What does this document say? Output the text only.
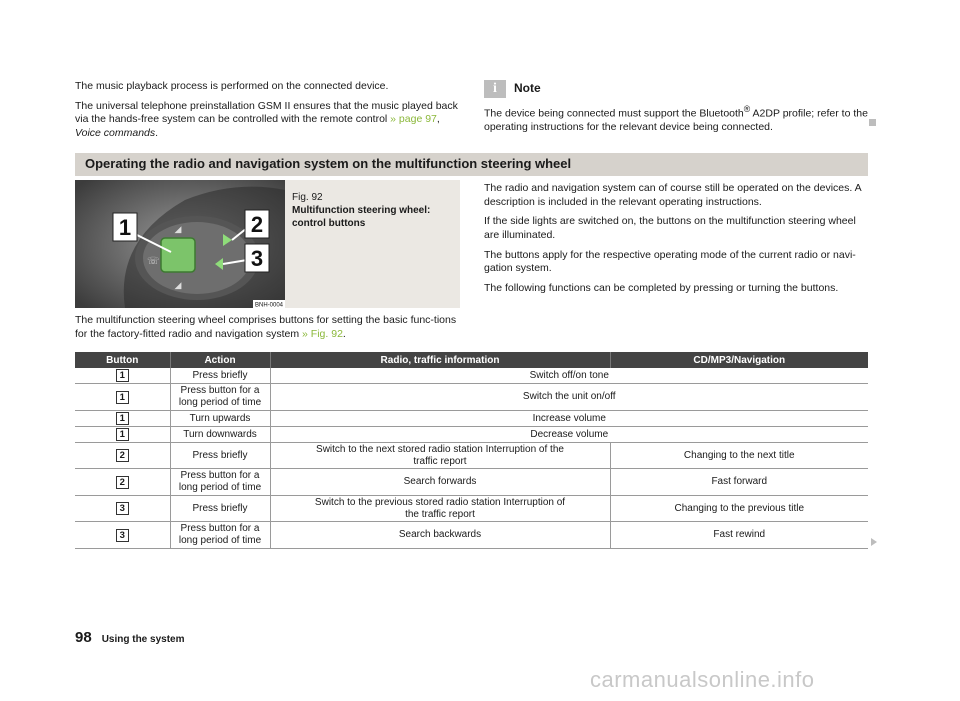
The music playback process is performed on the connected device.

The universal telephone preinstallation GSM II ensures that the music played back via the hands-free system can be controlled with the remote control » page 97,
Voice commands.

i	Note

The device being connected must support the Bluetooth® A2DP profile; refer to the operating instructions for the relevant device being connected.

Operating the radio and navigation system on the multifunction steering wheel
◢
◢
☏
1	2
3
BNH-0004
Fig. 92
Multifunction steering wheel: control buttons

The multifunction steering wheel comprises buttons for setting the basic func-tions for the factory-fitted radio and navigation system » Fig. 92.

The radio and navigation system can of course still be operated on the devices. A description is included in the relevant operating instructions.

If the side lights are switched on, the buttons on the multifunction steering wheel are illuminated.

The buttons apply for the respective operating mode of the current radio or navi-gation system.

The following functions can be completed by pressing or turning the buttons.

Button	Action	Radio, traffic information	CD/MP3/Navigation
1	Press briefly	Switch off/on tone	
1	Press button for a long period of time	Switch the unit on/off	
1	Turn upwards	Increase volume	
1	Turn downwards	Decrease volume	
2	Press briefly	Switch to the next stored radio station Interruption of the traffic report	Changing to the next title
2	Press button for a long period of time	Search forwards	Fast forward
3	Press briefly	Switch to the previous stored radio station Interruption of the traffic report	Changing to the previous title
3	Press button for a long period of time	Search backwards	Fast rewind
98 Using the system
carmanualsonline.info
